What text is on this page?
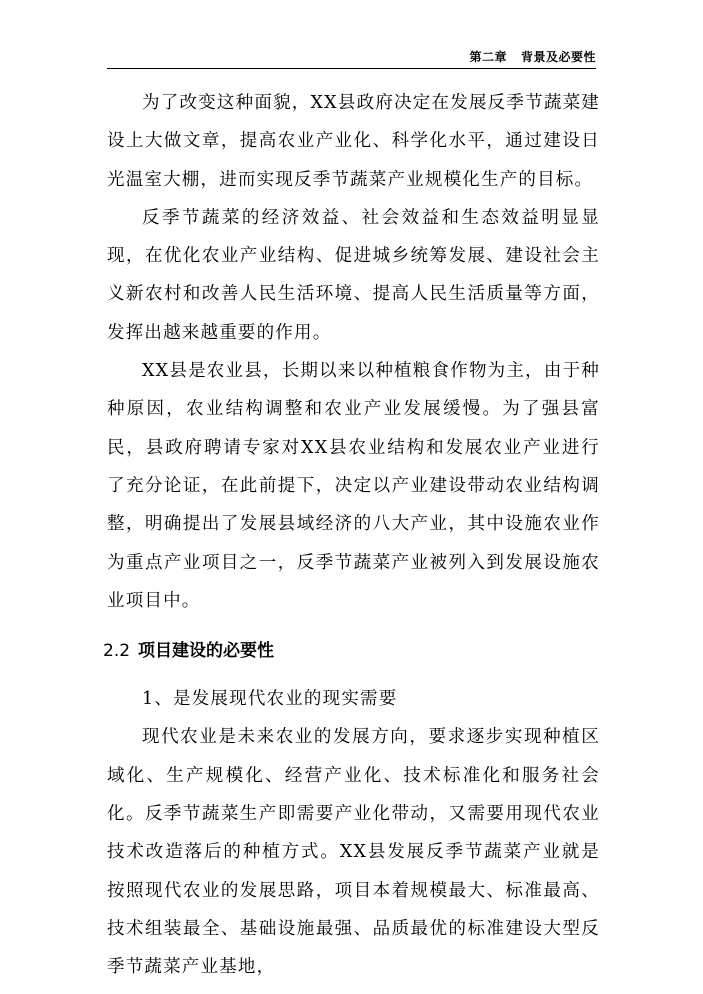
第二章 背景及必要性

为了改变这种面貌，XX县政府决定在发展反季节蔬菜建设上大做文章，提高农业产业化、科学化水平，通过建设日光温室大棚，进而实现反季节蔬菜产业规模化生产的目标。

反季节蔬菜的经济效益、社会效益和生态效益明显显现，在优化农业产业结构、促进城乡统筹发展、建设社会主义新农村和改善人民生活环境、提高人民生活质量等方面，发挥出越来越重要的作用。

XX县是农业县，长期以来以种植粮食作物为主，由于种种原因，农业结构调整和农业产业发展缓慢。为了强县富民，县政府聘请专家对XX县农业结构和发展农业产业进行了充分论证，在此前提下，决定以产业建设带动农业结构调整，明确提出了发展县域经济的八大产业，其中设施农业作为重点产业项目之一，反季节蔬菜产业被列入到发展设施农业项目中。

2.2 项目建设的必要性

1、是发展现代农业的现实需要

现代农业是未来农业的发展方向，要求逐步实现种植区域化、生产规模化、经营产业化、技术标准化和服务社会化。反季节蔬菜生产即需要产业化带动，又需要用现代农业技术改造落后的种植方式。XX县发展反季节蔬菜产业就是按照现代农业的发展思路，项目本着规模最大、标准最高、技术组装最全、基础设施最强、品质最优的标准建设大型反季节蔬菜产业基地，
